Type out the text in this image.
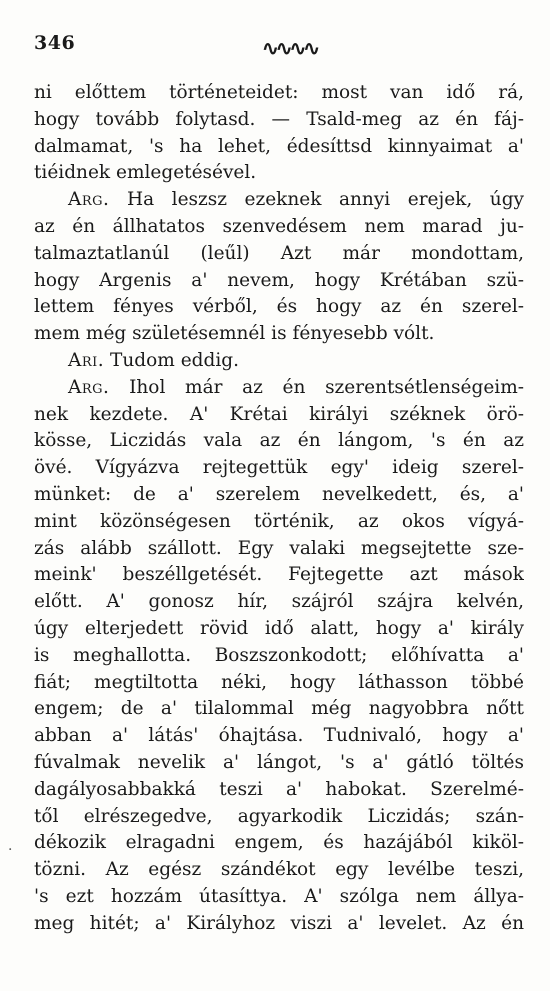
346	∿∿∿∿
ni előttem történeteidet: most van idő rá,
hogy tovább folytasd. — Tsald-meg az én fáj-
dalmamat, 's ha lehet, édesíttsd kinnyaimat a'
tiéidnek emlegetésével.
Arg. Ha leszsz ezeknek annyi erejek, úgy
az én állhatatos szenvedésem nem marad ju-
talmaztatlanúl (leűl) Azt már mondottam,
hogy Argenis a' nevem, hogy Krétában szü-
lettem fényes vérből, és hogy az én szerel-
mem még születésemnél is fényesebb vólt.
Ari. Tudom eddig.
Arg. Ihol már az én szerentsétlenségeim-
nek kezdete. A' Krétai királyi széknek örö-
kösse, Liczidás vala az én lángom, 's én az
övé. Vígyázva rejtegettük egy' ideig szerel-
münket: de a' szerelem nevelkedett, és, a'
mint közönségesen történik, az okos vígyá-
zás alább szállott. Egy valaki megsejtette sze-
meink' beszéllgetését. Fejtegette azt mások
előtt. A' gonosz hír, szájról szájra kelvén,
úgy elterjedett rövid idő alatt, hogy a' király
is meghallotta. Boszszonkodott; előhívatta a'
fiát; megtiltotta néki, hogy láthasson többé
engem; de a' tilalommal még nagyobbra nőtt
abban a' látás' óhajtása. Tudnivaló, hogy a'
fúvalmak nevelik a' lángot, 's a' gátló töltés
dagályosabbakká teszi a' habokat. Szerelmé-
től elrészegedve, agyarkodik Liczidás; szán-
dékozik elragadni engem, és hazájából kiköl-
tözni. Az egész szándékot egy levélbe teszi,
's ezt hozzám útasíttya. A' szólga nem állya-
meg hitét; a' Királyhoz viszi a' levelet. Az én
·
